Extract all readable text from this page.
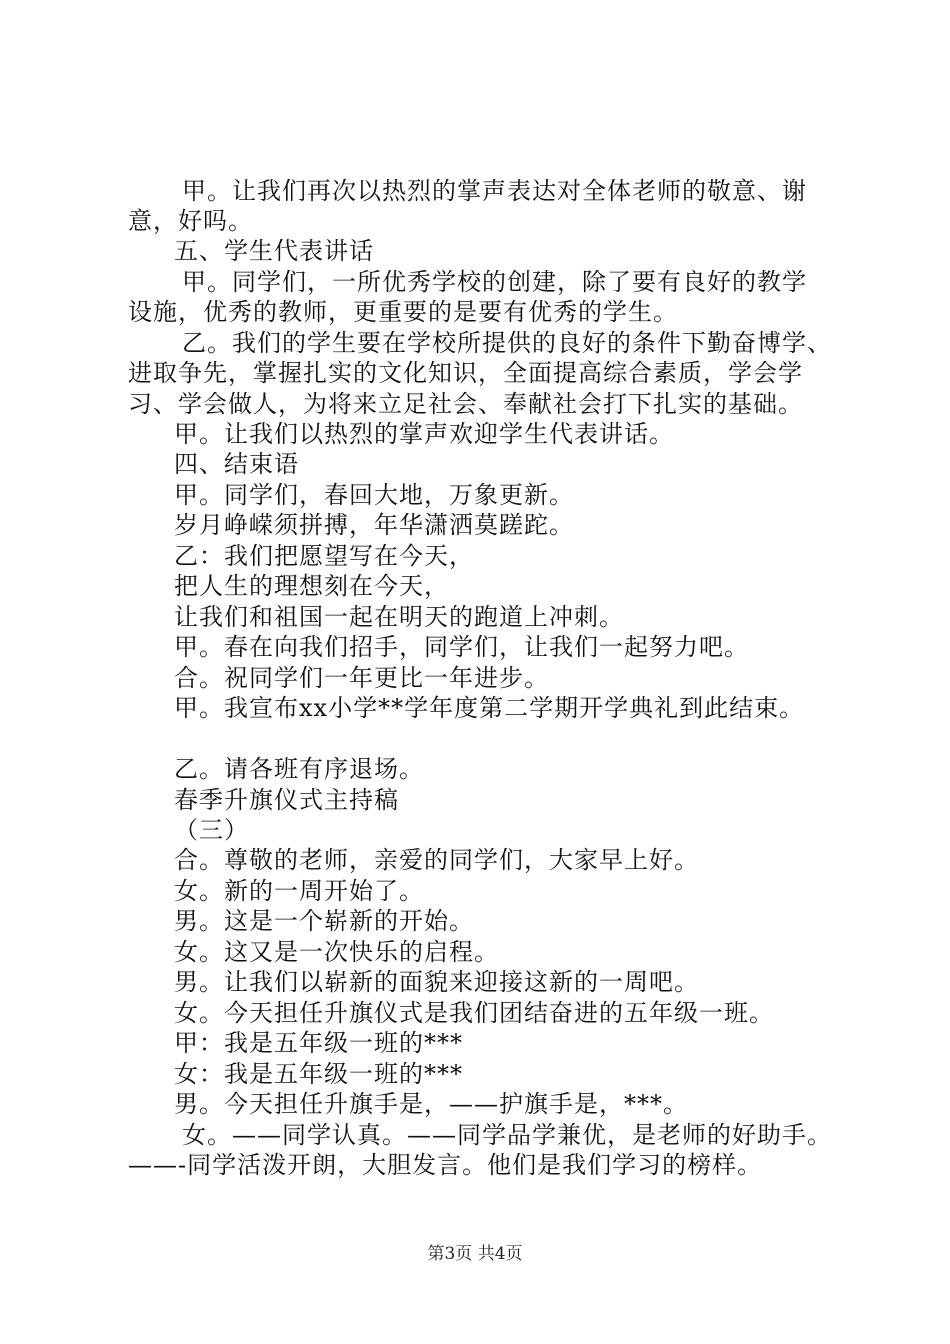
甲。让我们再次以热烈的掌声表达对全体老师的敬意、谢
意，好吗。
五、学生代表讲话
甲。同学们，一所优秀学校的创建，除了要有良好的教学
设施，优秀的教师，更重要的是要有优秀的学生。
乙。我们的学生要在学校所提供的良好的条件下勤奋博学、
进取争先，掌握扎实的文化知识，全面提高综合素质，学会学
习、学会做人，为将来立足社会、奉献社会打下扎实的基础。
甲。让我们以热烈的掌声欢迎学生代表讲话。
四、结束语
甲。同学们，春回大地，万象更新。
岁月峥嵘须拼搏，年华潇洒莫蹉跎。
乙：我们把愿望写在今天，
把人生的理想刻在今天，
让我们和祖国一起在明天的跑道上冲刺。
甲。春在向我们招手，同学们，让我们一起努力吧。
合。祝同学们一年更比一年进步。
甲。我宣布xx小学**学年度第二学期开学典礼到此结束。
乙。请各班有序退场。
春季升旗仪式主持稿
（三）
合。尊敬的老师，亲爱的同学们，大家早上好。
女。新的一周开始了。
男。这是一个崭新的开始。
女。这又是一次快乐的启程。
男。让我们以崭新的面貌来迎接这新的一周吧。
女。今天担任升旗仪式是我们团结奋进的五年级一班。
甲：我是五年级一班的***
女：我是五年级一班的***
男。今天担任升旗手是，——护旗手是，***。
女。——同学认真。——同学品学兼优，是老师的好助手。
——-同学活泼开朗，大胆发言。他们是我们学习的榜样。
第3页 共4页
